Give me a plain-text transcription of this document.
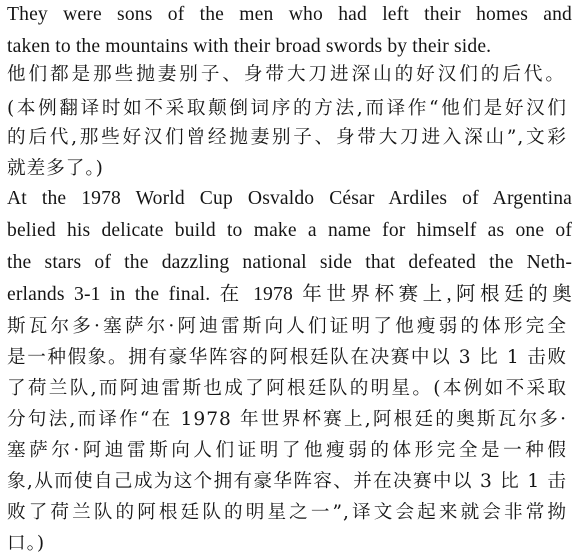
They were sons of the men who had left their homes and
taken to the mountains with their broad swords by their side.
他们都是那些抛妻别子、身带大刀进深山的好汉们的后代。
(本例翻译时如不采取颠倒词序的方法,而译作“他们是好汉们
的后代,那些好汉们曾经抛妻别子、身带大刀进入深山”,文彩
就差多了。)
At the 1978 World Cup Osvaldo César Ardiles of Argentina
belied his delicate build to make a name for himself as one of
the stars of the dazzling national side that defeated the Neth-
erlands 3-1 in the final. 在 1978 年世界杯赛上,阿根廷的奥
斯瓦尔多·塞萨尔·阿迪雷斯向人们证明了他瘦弱的体形完全
是一种假象。拥有豪华阵容的阿根廷队在决赛中以 3 比 1 击败
了荷兰队,而阿迪雷斯也成了阿根廷队的明星。(本例如不采取
分句法,而译作“在 1978 年世界杯赛上,阿根廷的奥斯瓦尔多·
塞萨尔·阿迪雷斯向人们证明了他瘦弱的体形完全是一种假
象,从而使自己成为这个拥有豪华阵容、并在决赛中以 3 比 1 击
败了荷兰队的阿根廷队的明星之一”,译文会起来就会非常拗
口。)
